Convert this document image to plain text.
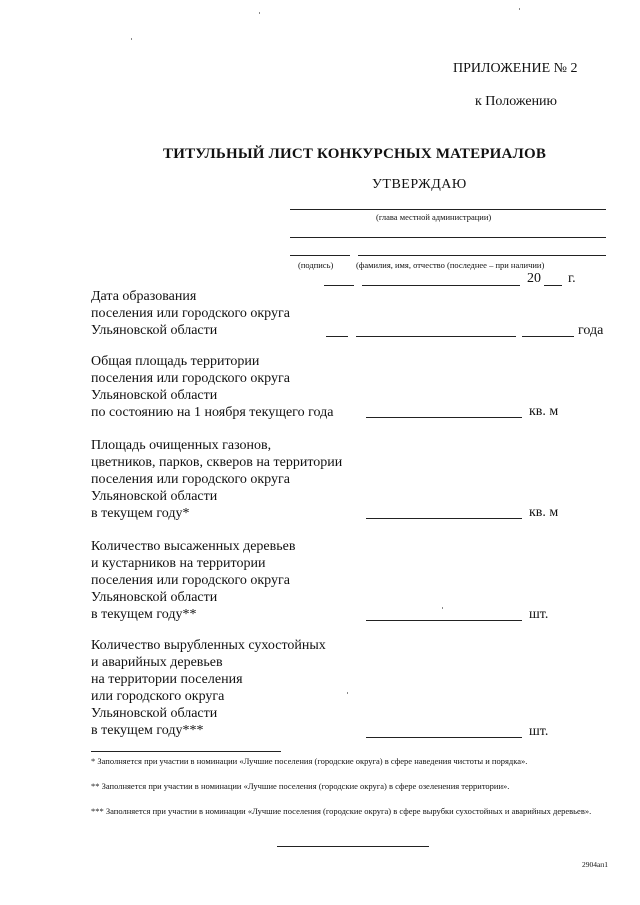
ПРИЛОЖЕНИЕ № 2
к Положению
ТИТУЛЬНЫЙ ЛИСТ КОНКУРСНЫХ МАТЕРИАЛОВ
УТВЕРЖДАЮ
(глава местной администрации)
(подпись)	(фамилия, имя, отчество (последнее – при наличии)
20 г.
Дата образования
поселения или городского округа
Ульяновской области	года
Общая площадь территории
поселения или городского округа
Ульяновской области
по состоянию на 1 ноября текущего года	кв. м
Площадь очищенных газонов,
цветников, парков, скверов на территории
поселения или городского округа
Ульяновской области
в текущем году*	кв. м
Количество высаженных деревьев
и кустарников на территории
поселения или городского округа
Ульяновской области
в текущем году**	шт.
Количество вырубленных сухостойных
и аварийных деревьев
на территории поселения
или городского округа
Ульяновской области
в текущем году***	шт.
* Заполняется при участии в номинации «Лучшие поселения (городские округа) в сфере наведения чистоты и порядка».
** Заполняется при участии в номинации «Лучшие поселения (городские округа) в сфере озеленения территории».
*** Заполняется при участии в номинации «Лучшие поселения (городские округа) в сфере вырубки сухостойных и аварийных деревьев».
2904ап1
